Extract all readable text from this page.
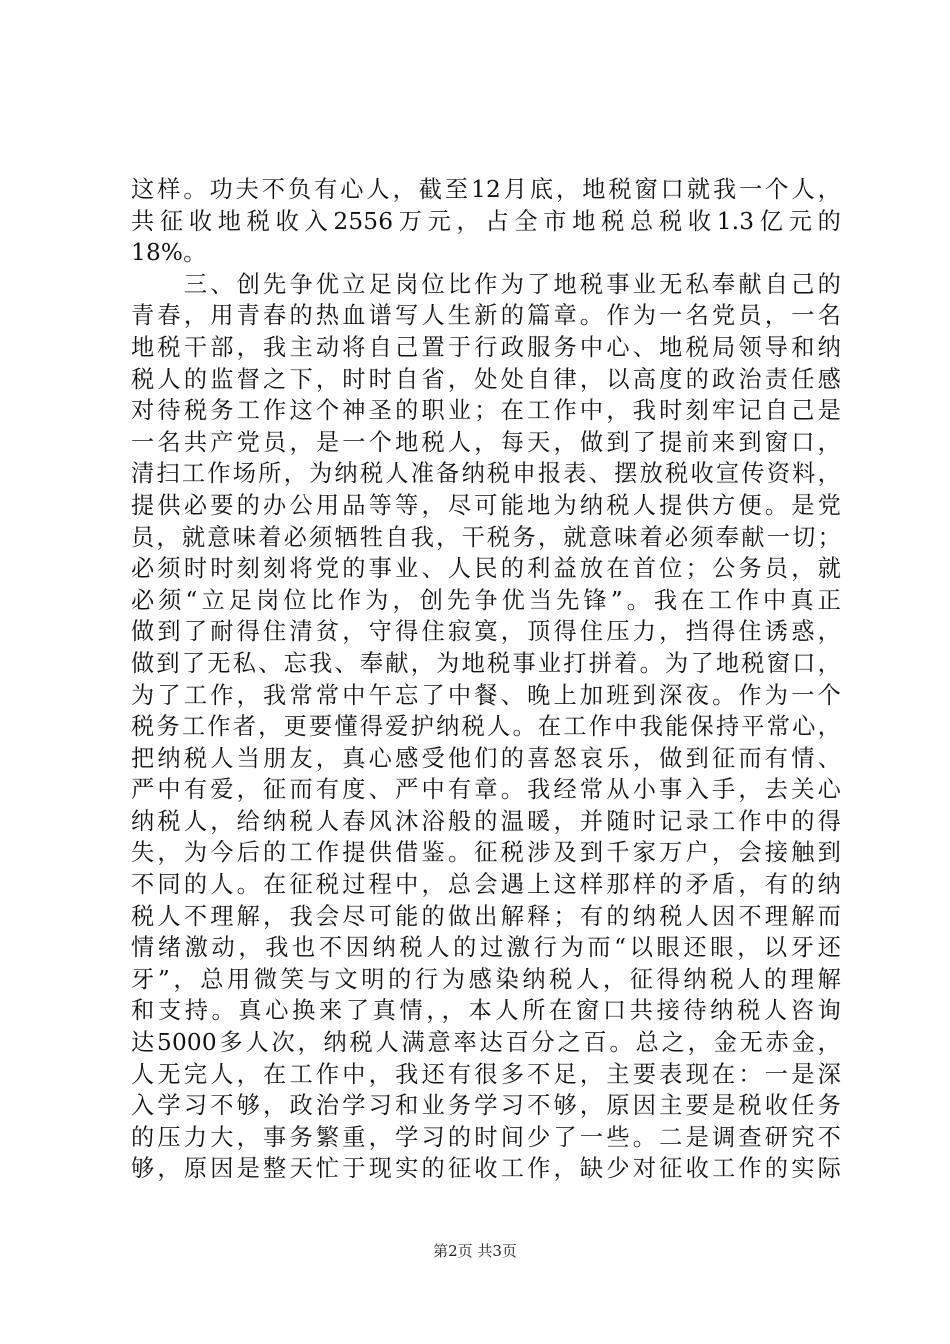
这样。功夫不负有心人，截至12月底，地税窗口就我一个人，
共征收地税收入2556万元，占全市地税总税收1.3亿元的
18%。
　　三、创先争优立足岗位比作为了地税事业无私奉献自己的
青春，用青春的热血谱写人生新的篇章。作为一名党员，一名
地税干部，我主动将自己置于行政服务中心、地税局领导和纳
税人的监督之下，时时自省，处处自律，以高度的政治责任感
对待税务工作这个神圣的职业；在工作中，我时刻牢记自己是
一名共产党员，是一个地税人，每天，做到了提前来到窗口，
清扫工作场所，为纳税人准备纳税申报表、摆放税收宣传资料，
提供必要的办公用品等等，尽可能地为纳税人提供方便。是党
员，就意味着必须牺牲自我，干税务，就意味着必须奉献一切；
必须时时刻刻将党的事业、人民的利益放在首位；公务员，就
必须“立足岗位比作为，创先争优当先锋”。我在工作中真正
做到了耐得住清贫，守得住寂寞，顶得住压力，挡得住诱惑，
做到了无私、忘我、奉献，为地税事业打拼着。为了地税窗口，
为了工作，我常常中午忘了中餐、晚上加班到深夜。作为一个
税务工作者，更要懂得爱护纳税人。在工作中我能保持平常心，
把纳税人当朋友，真心感受他们的喜怒哀乐，做到征而有情、
严中有爱，征而有度、严中有章。我经常从小事入手，去关心
纳税人，给纳税人春风沐浴般的温暖，并随时记录工作中的得
失，为今后的工作提供借鉴。征税涉及到千家万户，会接触到
不同的人。在征税过程中，总会遇上这样那样的矛盾，有的纳
税人不理解，我会尽可能的做出解释；有的纳税人因不理解而
情绪激动，我也不因纳税人的过激行为而“以眼还眼，以牙还
牙”，总用微笑与文明的行为感染纳税人，征得纳税人的理解
和支持。真心换来了真情，，本人所在窗口共接待纳税人咨询
达5000多人次，纳税人满意率达百分之百。总之，金无赤金，
人无完人，在工作中，我还有很多不足，主要表现在：一是深
入学习不够，政治学习和业务学习不够，原因主要是税收任务
的压力大，事务繁重，学习的时间少了一些。二是调查研究不
够，原因是整天忙于现实的征收工作，缺少对征收工作的实际
第2页 共3页
